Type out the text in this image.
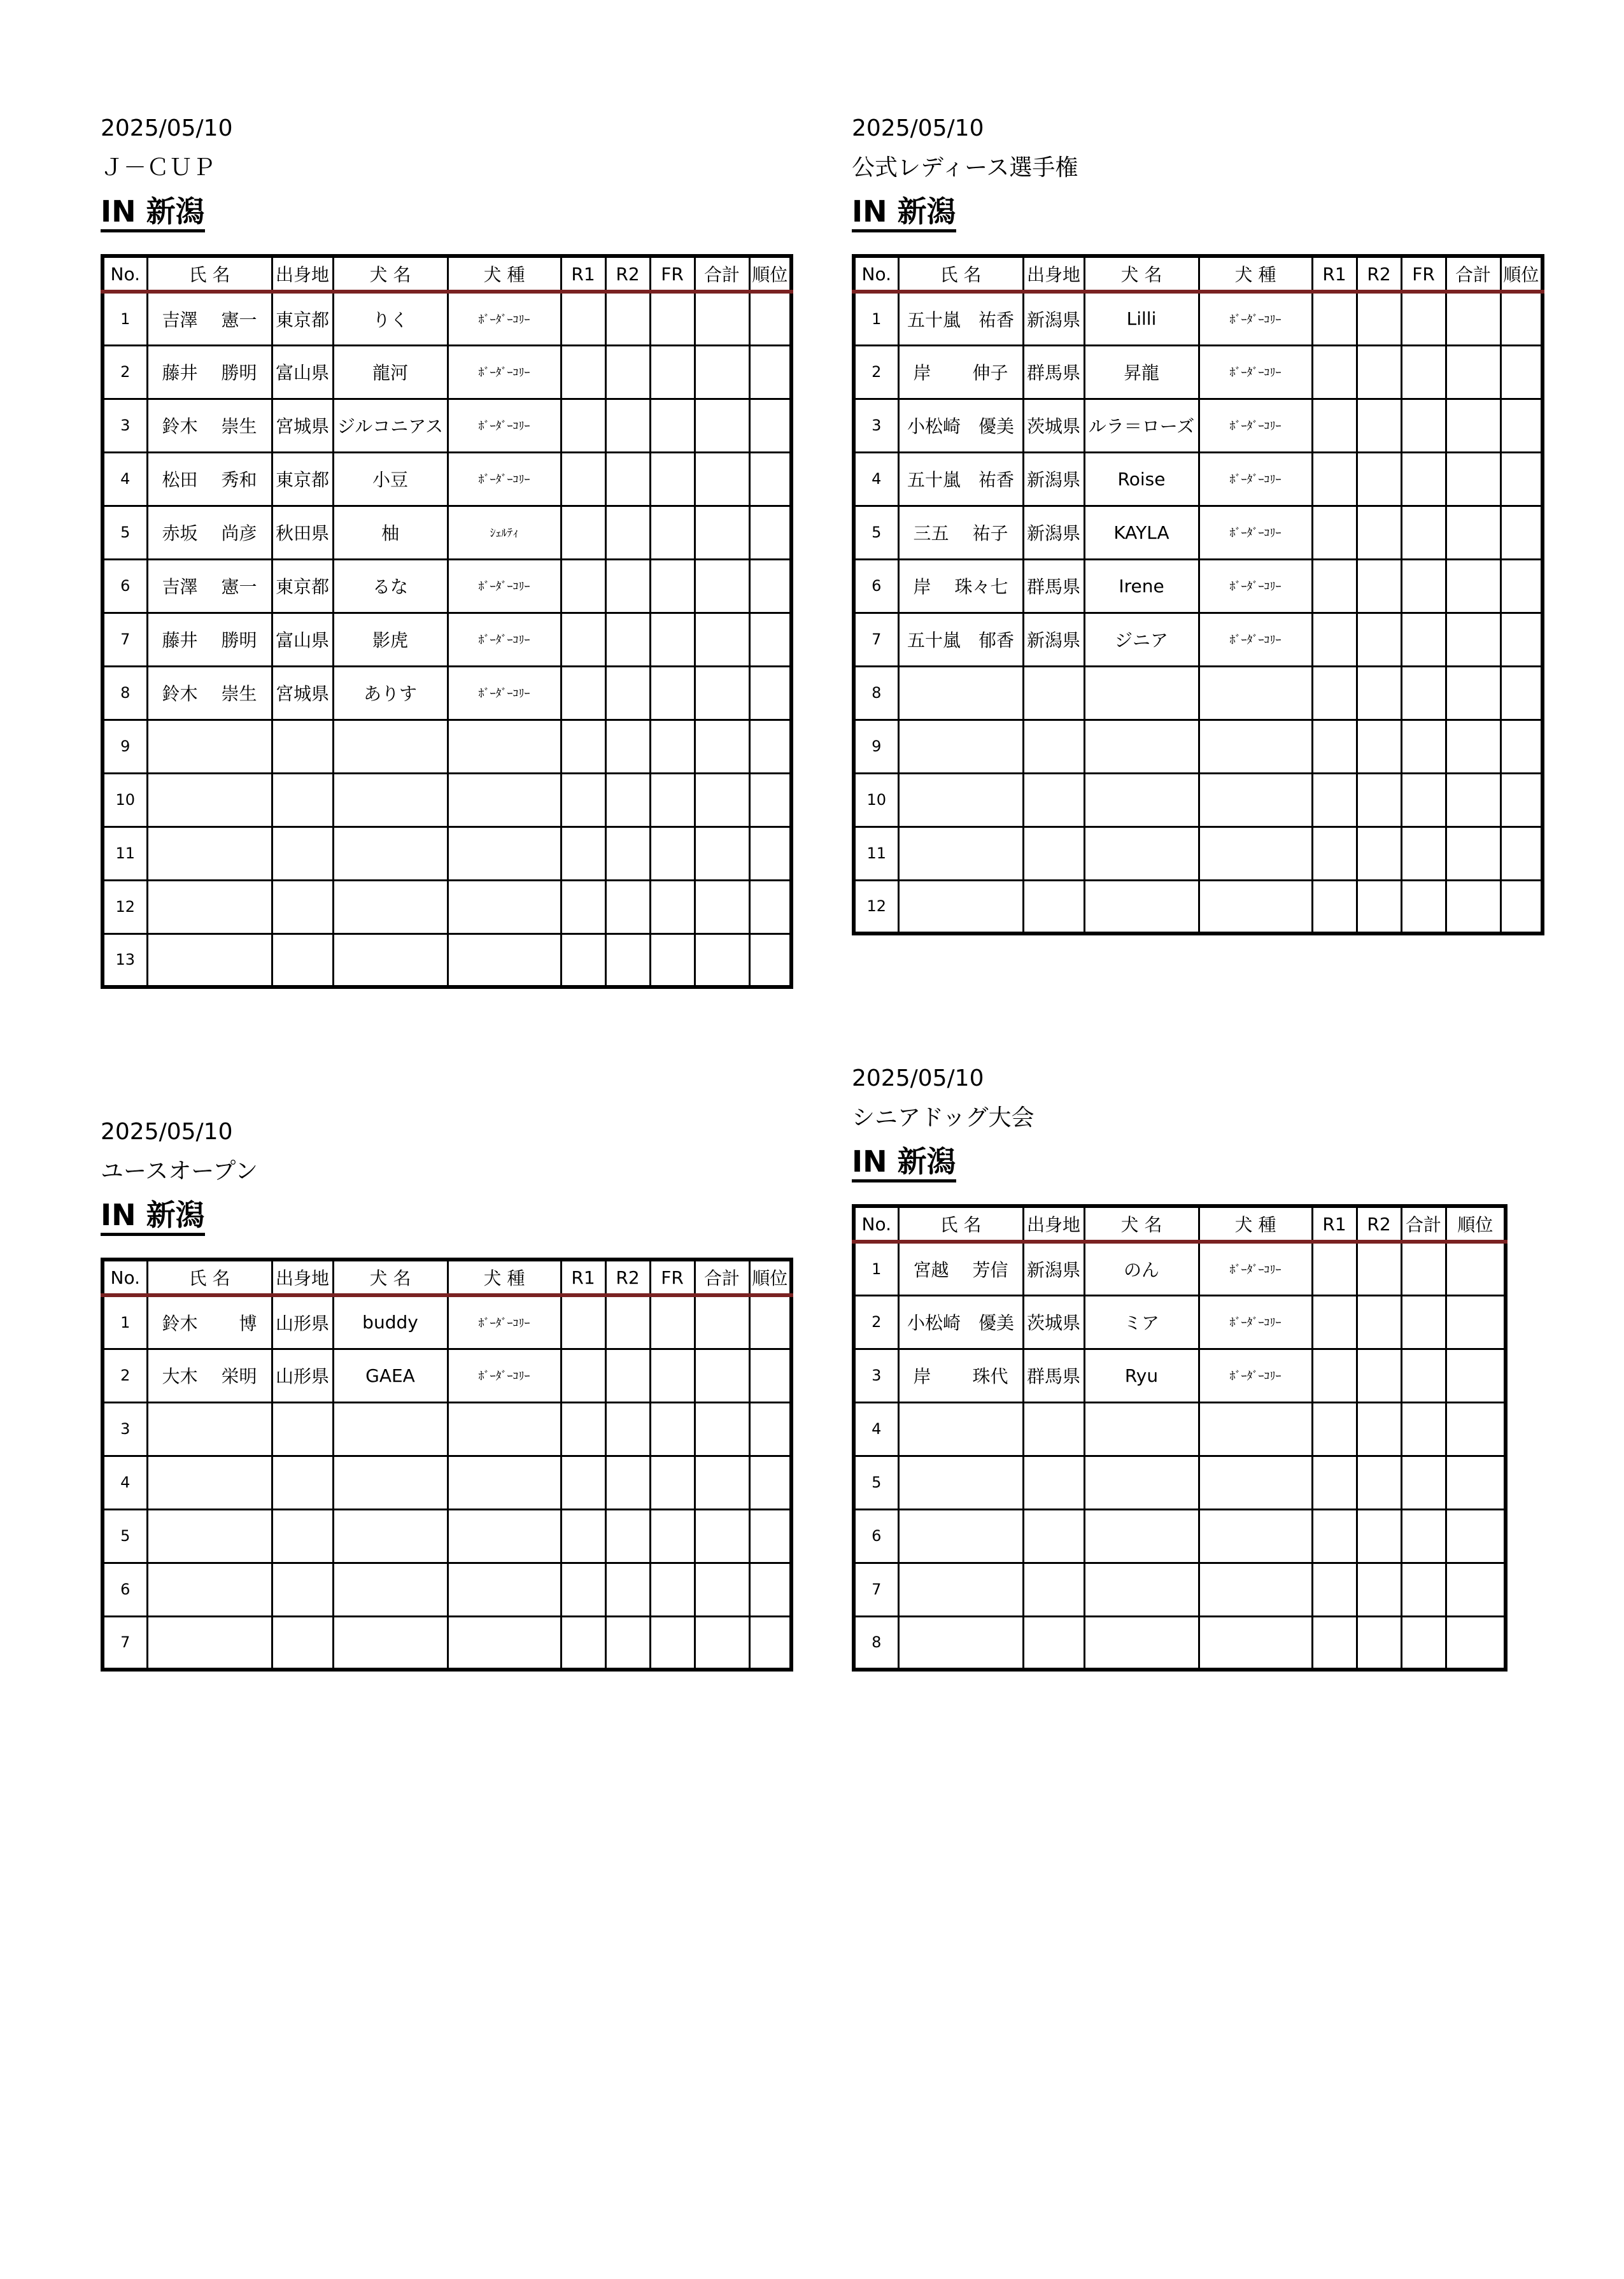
2025/05/10
Ｊ－ＣＵＰ
IN 新潟
No.	氏 名	出身地	犬 名	犬 種	R1	R2	FR	合計	順位
1	吉澤　 憲一	東京都	りく	ﾎﾞｰﾀﾞｰｺﾘｰ					
2	藤井　 勝明	富山県	龍河	ﾎﾞｰﾀﾞｰｺﾘｰ					
3	鈴木　 崇生	宮城県	ジルコニアス	ﾎﾞｰﾀﾞｰｺﾘｰ					
4	松田　 秀和	東京都	小豆	ﾎﾞｰﾀﾞｰｺﾘｰ					
5	赤坂　 尚彦	秋田県	柚	ｼｪﾙﾃｨ					
6	吉澤　 憲一	東京都	るな	ﾎﾞｰﾀﾞｰｺﾘｰ					
7	藤井　 勝明	富山県	影虎	ﾎﾞｰﾀﾞｰｺﾘｰ					
8	鈴木　 崇生	宮城県	ありす	ﾎﾞｰﾀﾞｰｺﾘｰ					
9									
10									
11									
12									
13									
2025/05/10
公式レディース選手権
IN 新潟
No.	氏 名	出身地	犬 名	犬 種	R1	R2	FR	合計	順位
1	五十嵐　祐香	新潟県	Lilli	ﾎﾞｰﾀﾞｰｺﾘｰ					
2	岸　　 伸子	群馬県	昇龍	ﾎﾞｰﾀﾞｰｺﾘｰ					
3	小松崎　優美	茨城県	ルラ＝ローズ	ﾎﾞｰﾀﾞｰｺﾘｰ					
4	五十嵐　祐香	新潟県	Roise	ﾎﾞｰﾀﾞｰｺﾘｰ					
5	三五　 祐子	新潟県	KAYLA	ﾎﾞｰﾀﾞｰｺﾘｰ					
6	岸　 珠々七	群馬県	Irene	ﾎﾞｰﾀﾞｰｺﾘｰ					
7	五十嵐　郁香	新潟県	ジニア	ﾎﾞｰﾀﾞｰｺﾘｰ					
8									
9									
10									
11									
12									
2025/05/10
ユースオープン
IN 新潟
No.	氏 名	出身地	犬 名	犬 種	R1	R2	FR	合計	順位
1	鈴木　　 博	山形県	buddy	ﾎﾞｰﾀﾞｰｺﾘｰ					
2	大木　 栄明	山形県	GAEA	ﾎﾞｰﾀﾞｰｺﾘｰ					
3									
4									
5									
6									
7									
2025/05/10
シニアドッグ大会
IN 新潟
No.	氏 名	出身地	犬 名	犬 種	R1	R2	合計	順位
1	宮越　 芳信	新潟県	のん	ﾎﾞｰﾀﾞｰｺﾘｰ				
2	小松崎　優美	茨城県	ミア	ﾎﾞｰﾀﾞｰｺﾘｰ				
3	岸　　 珠代	群馬県	Ryu	ﾎﾞｰﾀﾞｰｺﾘｰ				
4								
5								
6								
7								
8								
